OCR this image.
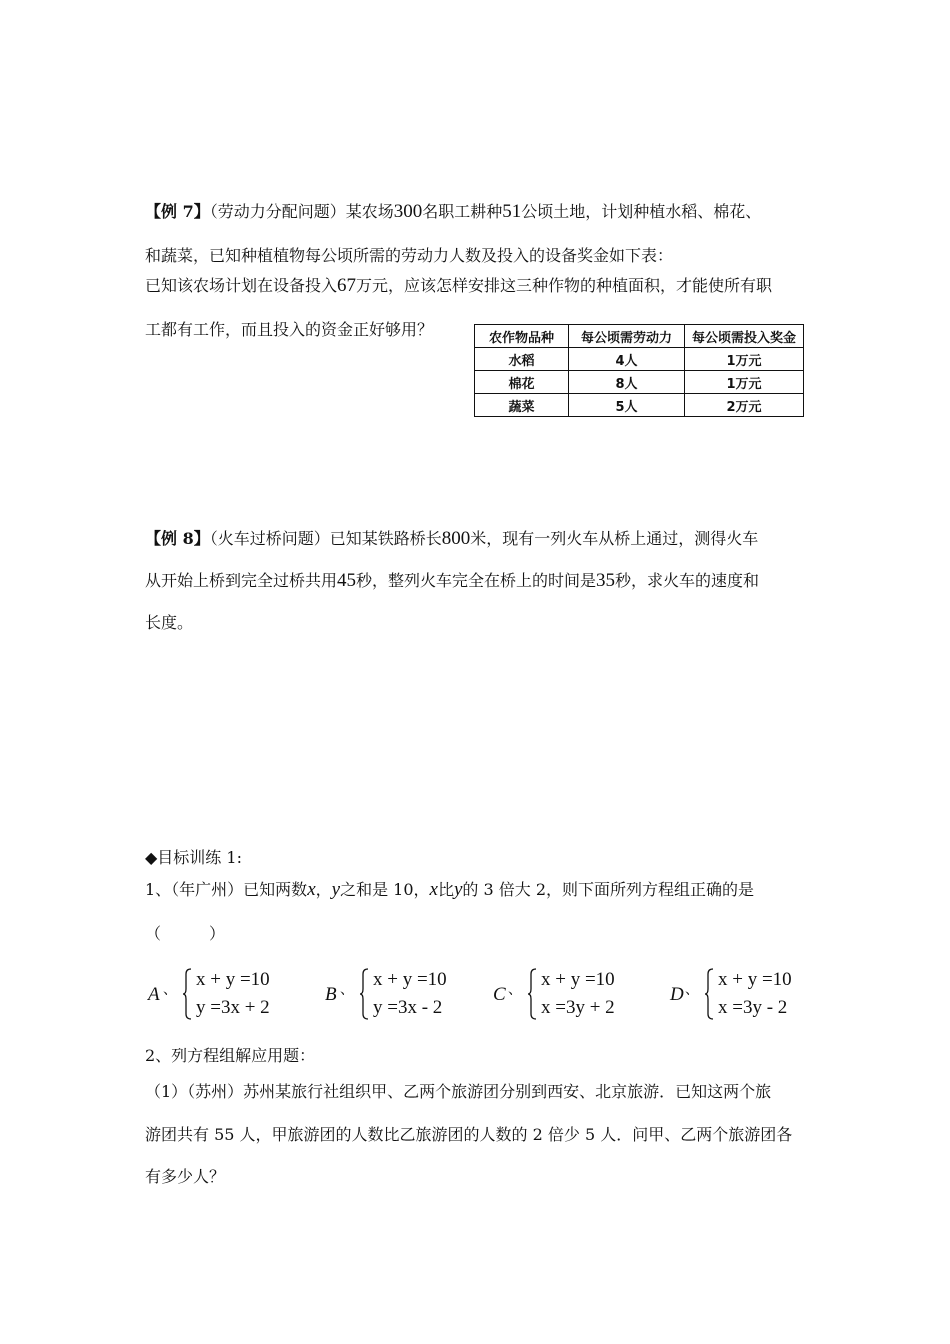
【例 7】（劳动力分配问题）某农场300名职工耕种51公顷土地，计划种植水稻、棉花、
和蔬菜，已知种植植物每公顷所需的劳动力人数及投入的设备奖金如下表：
已知该农场计划在设备投入67万元，应该怎样安排这三种作物的种植面积，才能使所有职
工都有工作，而且投入的资金正好够用？	农作物品种	每公顷需劳动力	每公顷需投入奖金
水稻	4人	1万元
棉花	8人	1万元
蔬菜	5人	2万元
【例 8】（火车过桥问题）已知某铁路桥长800米，现有一列火车从桥上通过，测得火车
从开始上桥到完全过桥共用45秒，整列火车完全在桥上的时间是35秒，求火车的速度和
长度。
◆目标训练 1:
1、（年广州）已知两数x，y之和是 10，x比y的 3 倍大 2，则下面所列方程组正确的是
（　　　）
A 、 x + y =10
y =3x + 2
B 、 x + y =10
y =3x - 2
C 、 x + y =10
x =3y + 2
D 、 x + y =10
x =3y - 2
2、列方程组解应用题：
（1）（苏州）苏州某旅行社组织甲、乙两个旅游团分别到西安、北京旅游．已知这两个旅
游团共有 55 人，甲旅游团的人数比乙旅游团的人数的 2 倍少 5 人．问甲、乙两个旅游团各
有多少人？
